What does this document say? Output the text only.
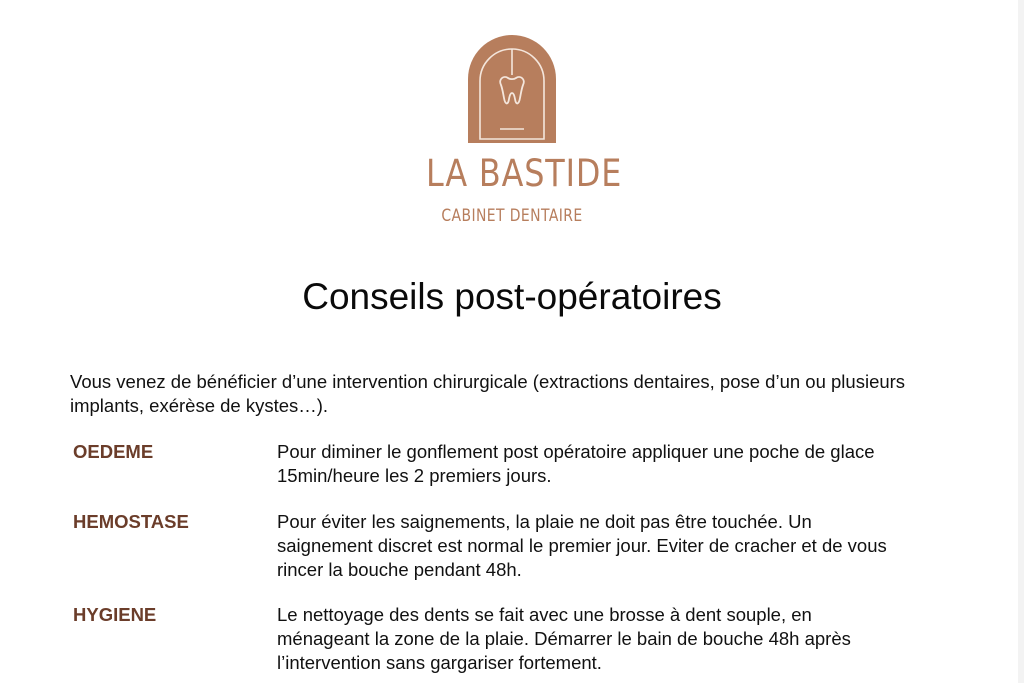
LA BASTIDE
CABINET DENTAIRE
Conseils post-opératoires
Vous venez de bénéficier d’une intervention chirurgicale (extractions dentaires, pose d’un ou plusieurs implants, exérèse de kystes…).
OEDEME	Pour diminer le gonflement post opératoire appliquer une poche de glace 15min/heure les 2 premiers jours.
HEMOSTASE	Pour éviter les saignements, la plaie ne doit pas être touchée. Un saignement discret est normal le premier jour. Eviter de cracher et de vous rincer la bouche pendant 48h.
HYGIENE	Le nettoyage des dents se fait avec une brosse à dent souple, en ménageant la zone de la plaie. Démarrer le bain de bouche 48h après l’intervention sans gargariser fortement.
